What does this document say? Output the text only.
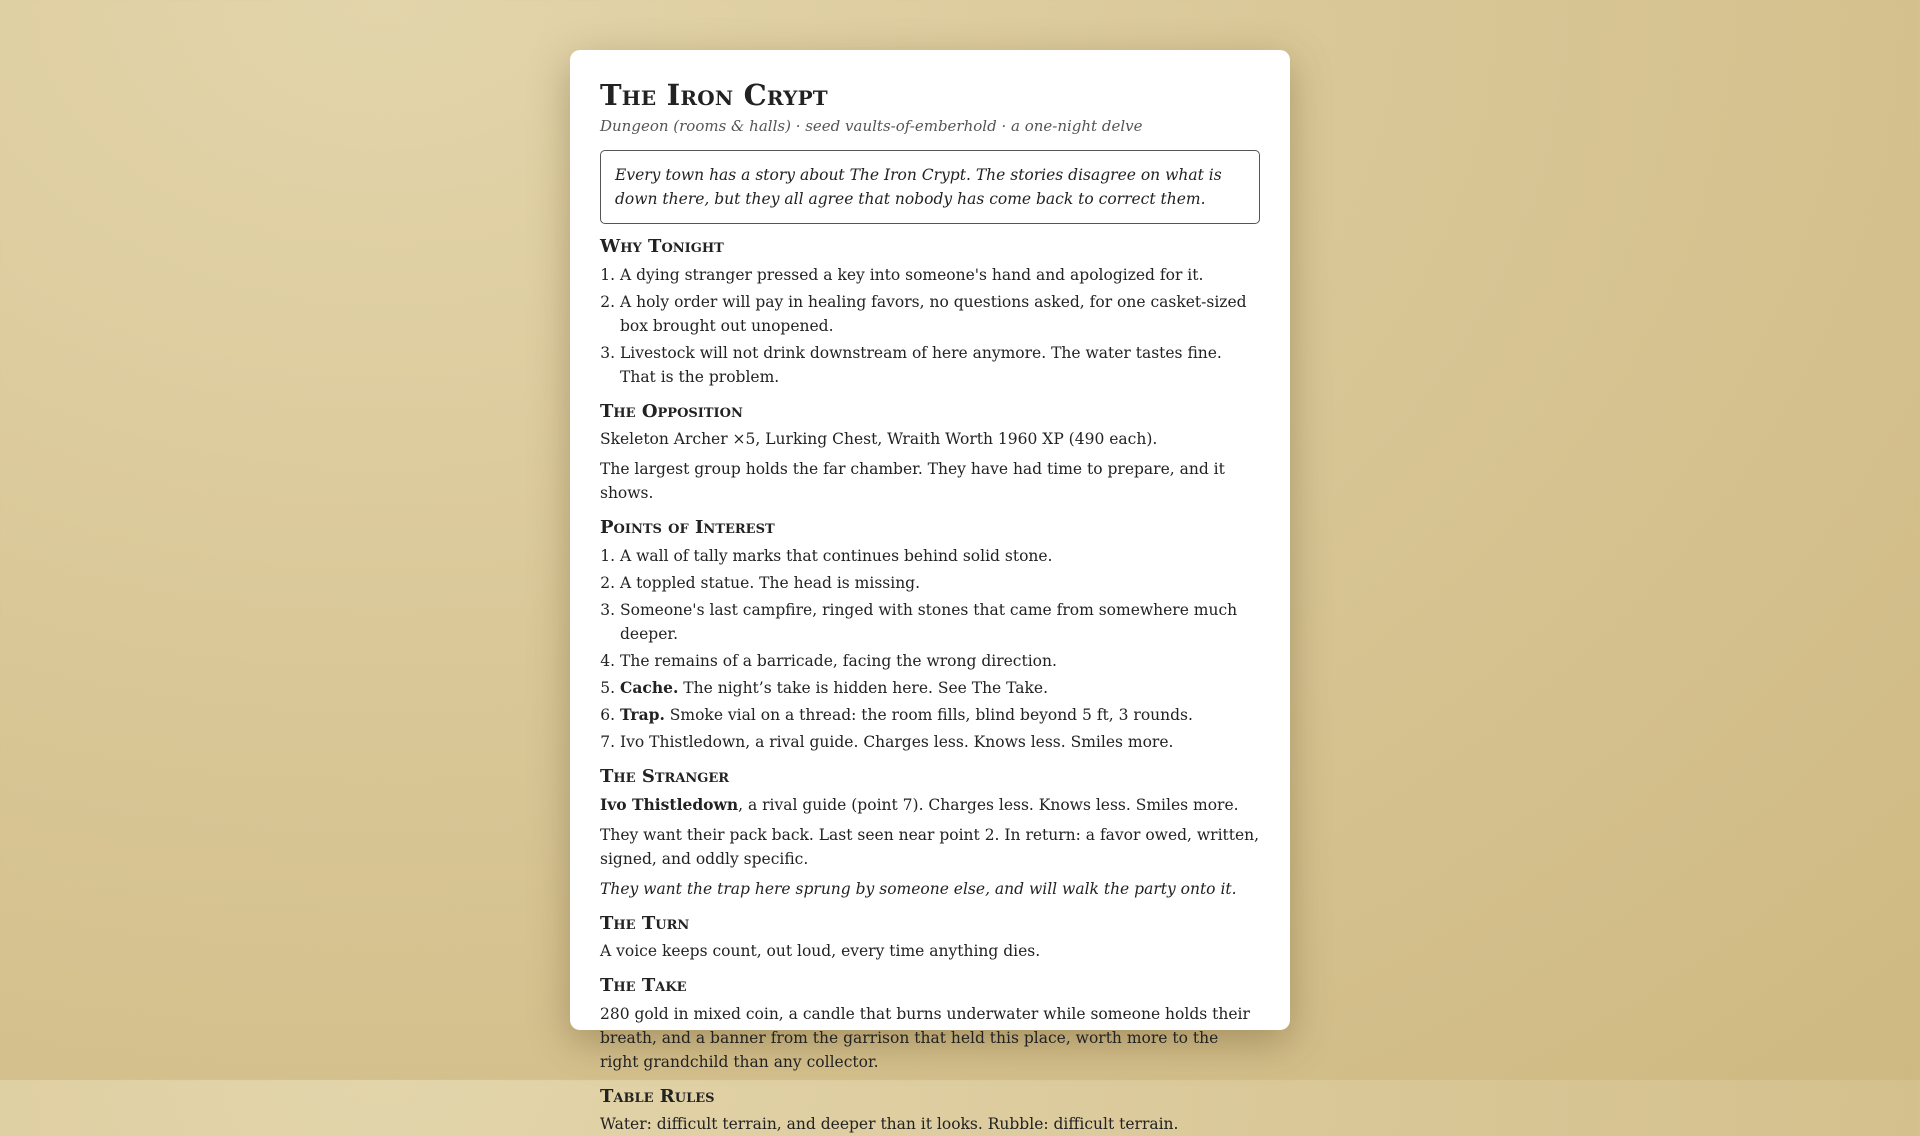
The Iron Crypt
Dungeon (rooms & halls) · seed vaults-of-emberhold · a one-night delve
Every town has a story about The Iron Crypt. The stories disagree on what is down there, but they all agree that nobody has come back to correct them.
Why Tonight
1. A dying stranger pressed a key into someone's hand and apologized for it.
2. A holy order will pay in healing favors, no questions asked, for one casket-sized box brought out unopened.
3. Livestock will not drink downstream of here anymore. The water tastes fine. That is the problem.
The Opposition

Skeleton Archer ×5, Lurking Chest, Wraith Worth 1960 XP (490 each).

The largest group holds the far chamber. They have had time to prepare, and it shows.

Points of Interest
1. A wall of tally marks that continues behind solid stone.
2. A toppled statue. The head is missing.
3. Someone's last campfire, ringed with stones that came from somewhere much deeper.
4. The remains of a barricade, facing the wrong direction.
5. Cache. The night’s take is hidden here. See The Take.
6. Trap. Smoke vial on a thread: the room fills, blind beyond 5 ft, 3 rounds.
7. Ivo Thistledown, a rival guide. Charges less. Knows less. Smiles more.
The Stranger

Ivo Thistledown, a rival guide (point 7). Charges less. Knows less. Smiles more.

They want their pack back. Last seen near point 2. In return: a favor owed, written, signed, and oddly specific.

They want the trap here sprung by someone else, and will walk the party onto it.

The Turn

A voice keeps count, out loud, every time anything dies.

The Take

280 gold in mixed coin, a candle that burns underwater while someone holds their breath, and a banner from the garrison that held this place, worth more to the right grandchild than any collector.

Table Rules

Water: difficult terrain, and deeper than it looks. Rubble: difficult terrain.
